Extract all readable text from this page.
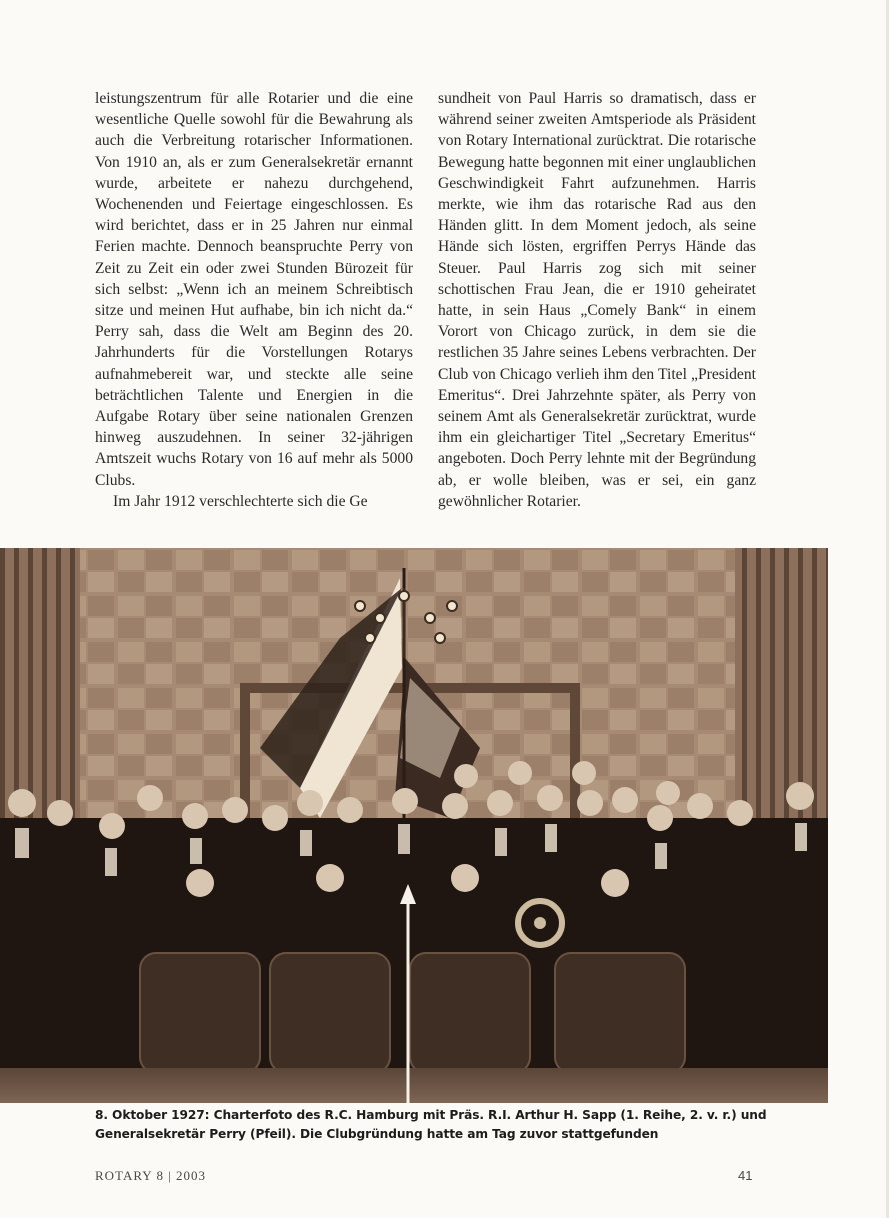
leistungszentrum für alle Rotarier und die eine wesentliche Quelle sowohl für die Bewahrung als auch die Verbreitung rotarischer Informationen. Von 1910 an, als er zum Generalsekretär ernannt wurde, arbeitete er nahezu durchgehend, Wochenenden und Feiertage eingeschlossen. Es wird berichtet, dass er in 25 Jahren nur einmal Ferien machte. Dennoch beanspruchte Perry von Zeit zu Zeit ein oder zwei Stunden Bürozeit für sich selbst: „Wenn ich an meinem Schreibtisch sitze und meinen Hut aufhabe, bin ich nicht da.“ Perry sah, dass die Welt am Beginn des 20. Jahrhunderts für die Vorstellungen Rotarys aufnahmebereit war, und steckte alle seine beträchtlichen Talente und Energien in die Aufgabe Rotary über seine nationalen Grenzen hinweg auszudehnen. In seiner 32-jährigen Amtszeit wuchs Rotary von 16 auf mehr als 5000 Clubs.

Im Jahr 1912 verschlechterte sich die Ge

sundheit von Paul Harris so dramatisch, dass er während seiner zweiten Amtsperiode als Präsident von Rotary International zurücktrat. Die rotarische Bewegung hatte begonnen mit einer unglaublichen Geschwindigkeit Fahrt aufzunehmen. Harris merkte, wie ihm das rotarische Rad aus den Händen glitt. In dem Moment jedoch, als seine Hände sich lösten, ergriffen Perrys Hände das Steuer. Paul Harris zog sich mit seiner schottischen Frau Jean, die er 1910 geheiratet hatte, in sein Haus „Comely Bank“ in einem Vorort von Chicago zurück, in dem sie die restlichen 35 Jahre seines Lebens verbrachten. Der Club von Chicago verlieh ihm den Titel „President Emeritus“. Drei Jahrzehnte später, als Perry von seinem Amt als Generalsekretär zurücktrat, wurde ihm ein gleichartiger Titel „Secretary Emeritus“ angeboten. Doch Perry lehnte mit der Begründung ab, er wolle bleiben, was er sei, ein ganz gewöhnlicher Rotarier.

8. Oktober 1927: Charterfoto des R.C. Hamburg mit Präs. R.I. Arthur H. Sapp (1. Reihe, 2. v. r.) und
Generalsekretär Perry (Pfeil). Die Clubgründung hatte am Tag zuvor stattgefunden
ROTARY 8 | 2003	41
